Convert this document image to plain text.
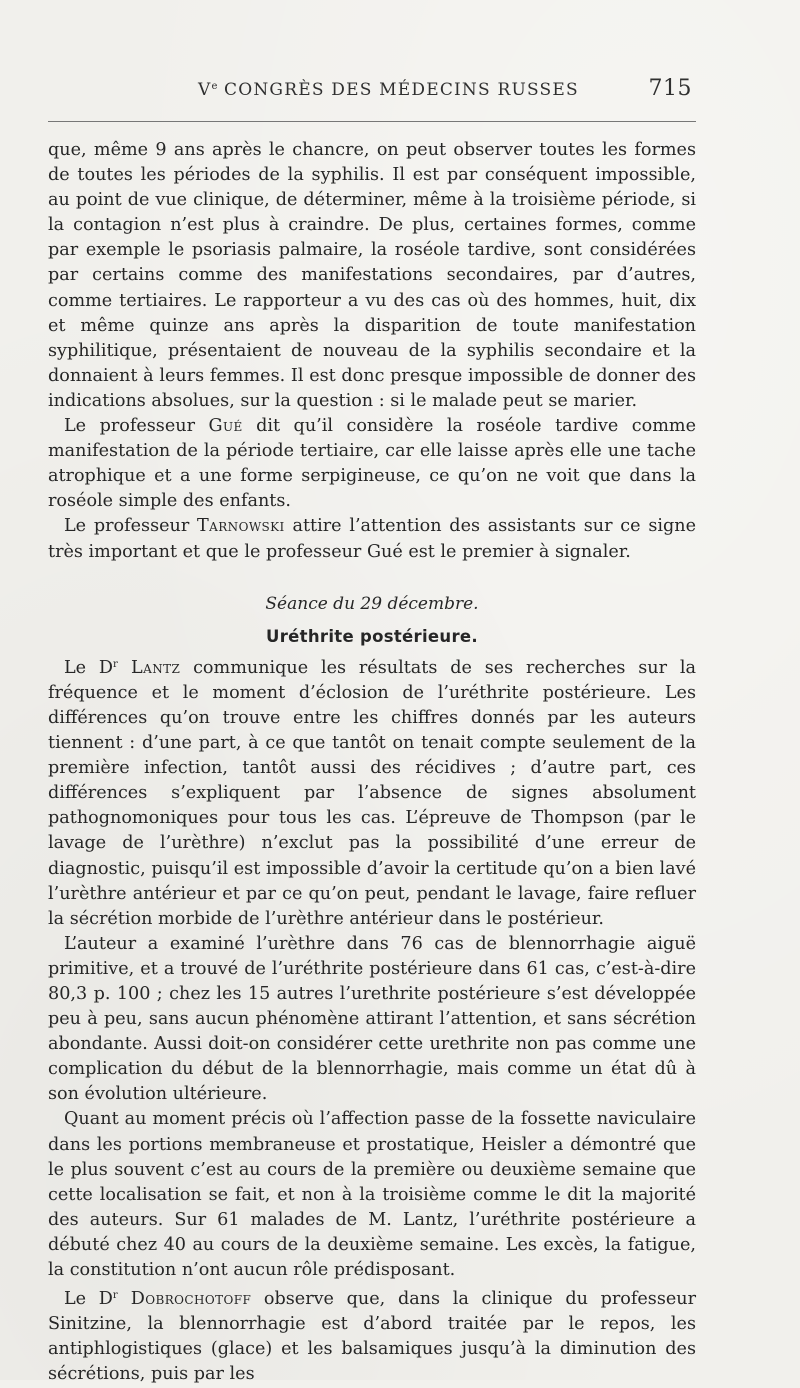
Ve CONGRÈS DES MÉDECINS RUSSES	715

que, même 9 ans après le chancre, on peut observer toutes les formes de toutes les périodes de la syphilis. Il est par conséquent impossible, au point de vue clinique, de déterminer, même à la troisième période, si la contagion n’est plus à craindre. De plus, certaines formes, comme par exemple le psoriasis palmaire, la roséole tardive, sont considérées par certains comme des manifestations secondaires, par d’autres, comme tertiaires. Le rapporteur a vu des cas où des hommes, huit, dix et même quinze ans après la disparition de toute manifestation syphilitique, présentaient de nouveau de la syphilis secondaire et la donnaient à leurs femmes. Il est donc presque impossible de donner des indications absolues, sur la question : si le malade peut se marier.

Le professeur Gué dit qu’il considère la roséole tardive comme manifestation de la période tertiaire, car elle laisse après elle une tache atrophique et a une forme serpigineuse, ce qu’on ne voit que dans la roséole simple des enfants.

Le professeur Tarnowski attire l’attention des assistants sur ce signe très important et que le professeur Gué est le premier à signaler.

Séance du 29 décembre.

Uréthrite postérieure.

Le $D^r$ Lantz communique les résultats de ses recherches sur la fréquence et le moment d’éclosion de l’uréthrite postérieure. Les différences qu’on trouve entre les chiffres donnés par les auteurs tiennent : d’une part, à ce que tantôt on tenait compte seulement de la première infection, tantôt aussi des récidives ; d’autre part, ces différences s’expliquent par l’absence de signes absolument pathognomoniques pour tous les cas. L’épreuve de Thompson (par le lavage de l’urèthre) n’exclut pas la possibilité d’une erreur de diagnostic, puisqu’il est impossible d’avoir la certitude qu’on a bien lavé l’urèthre antérieur et par ce qu’on peut, pendant le lavage, faire refluer la sécrétion morbide de l’urèthre antérieur dans le postérieur.

L’auteur a examiné l’urèthre dans 76 cas de blennorrhagie aiguë primitive, et a trouvé de l’uréthrite postérieure dans 61 cas, c’est-à-dire 80,3 p. 100 ; chez les 15 autres l’urethrite postérieure s’est développée peu à peu, sans aucun phénomène attirant l’attention, et sans sécrétion abondante. Aussi doit-on considérer cette urethrite non pas comme une complication du début de la blennorrhagie, mais comme un état dû à son évolution ultérieure.

Quant au moment précis où l’affection passe de la fossette naviculaire dans les portions membraneuse et prostatique, Heisler a démontré que le plus souvent c’est au cours de la première ou deuxième semaine que cette localisation se fait, et non à la troisième comme le dit la majorité des auteurs. Sur 61 malades de M. Lantz, l’uréthrite postérieure a débuté chez 40 au cours de la deuxième semaine. Les excès, la fatigue, la constitution n’ont aucun rôle prédisposant.

Le $D^r$ Dobrochotoff observe que, dans la clinique du professeur Sinitzine, la blennorrhagie est d’abord traitée par le repos, les antiphlogistiques (glace) et les balsamiques jusqu’à la diminution des sécrétions, puis par les
